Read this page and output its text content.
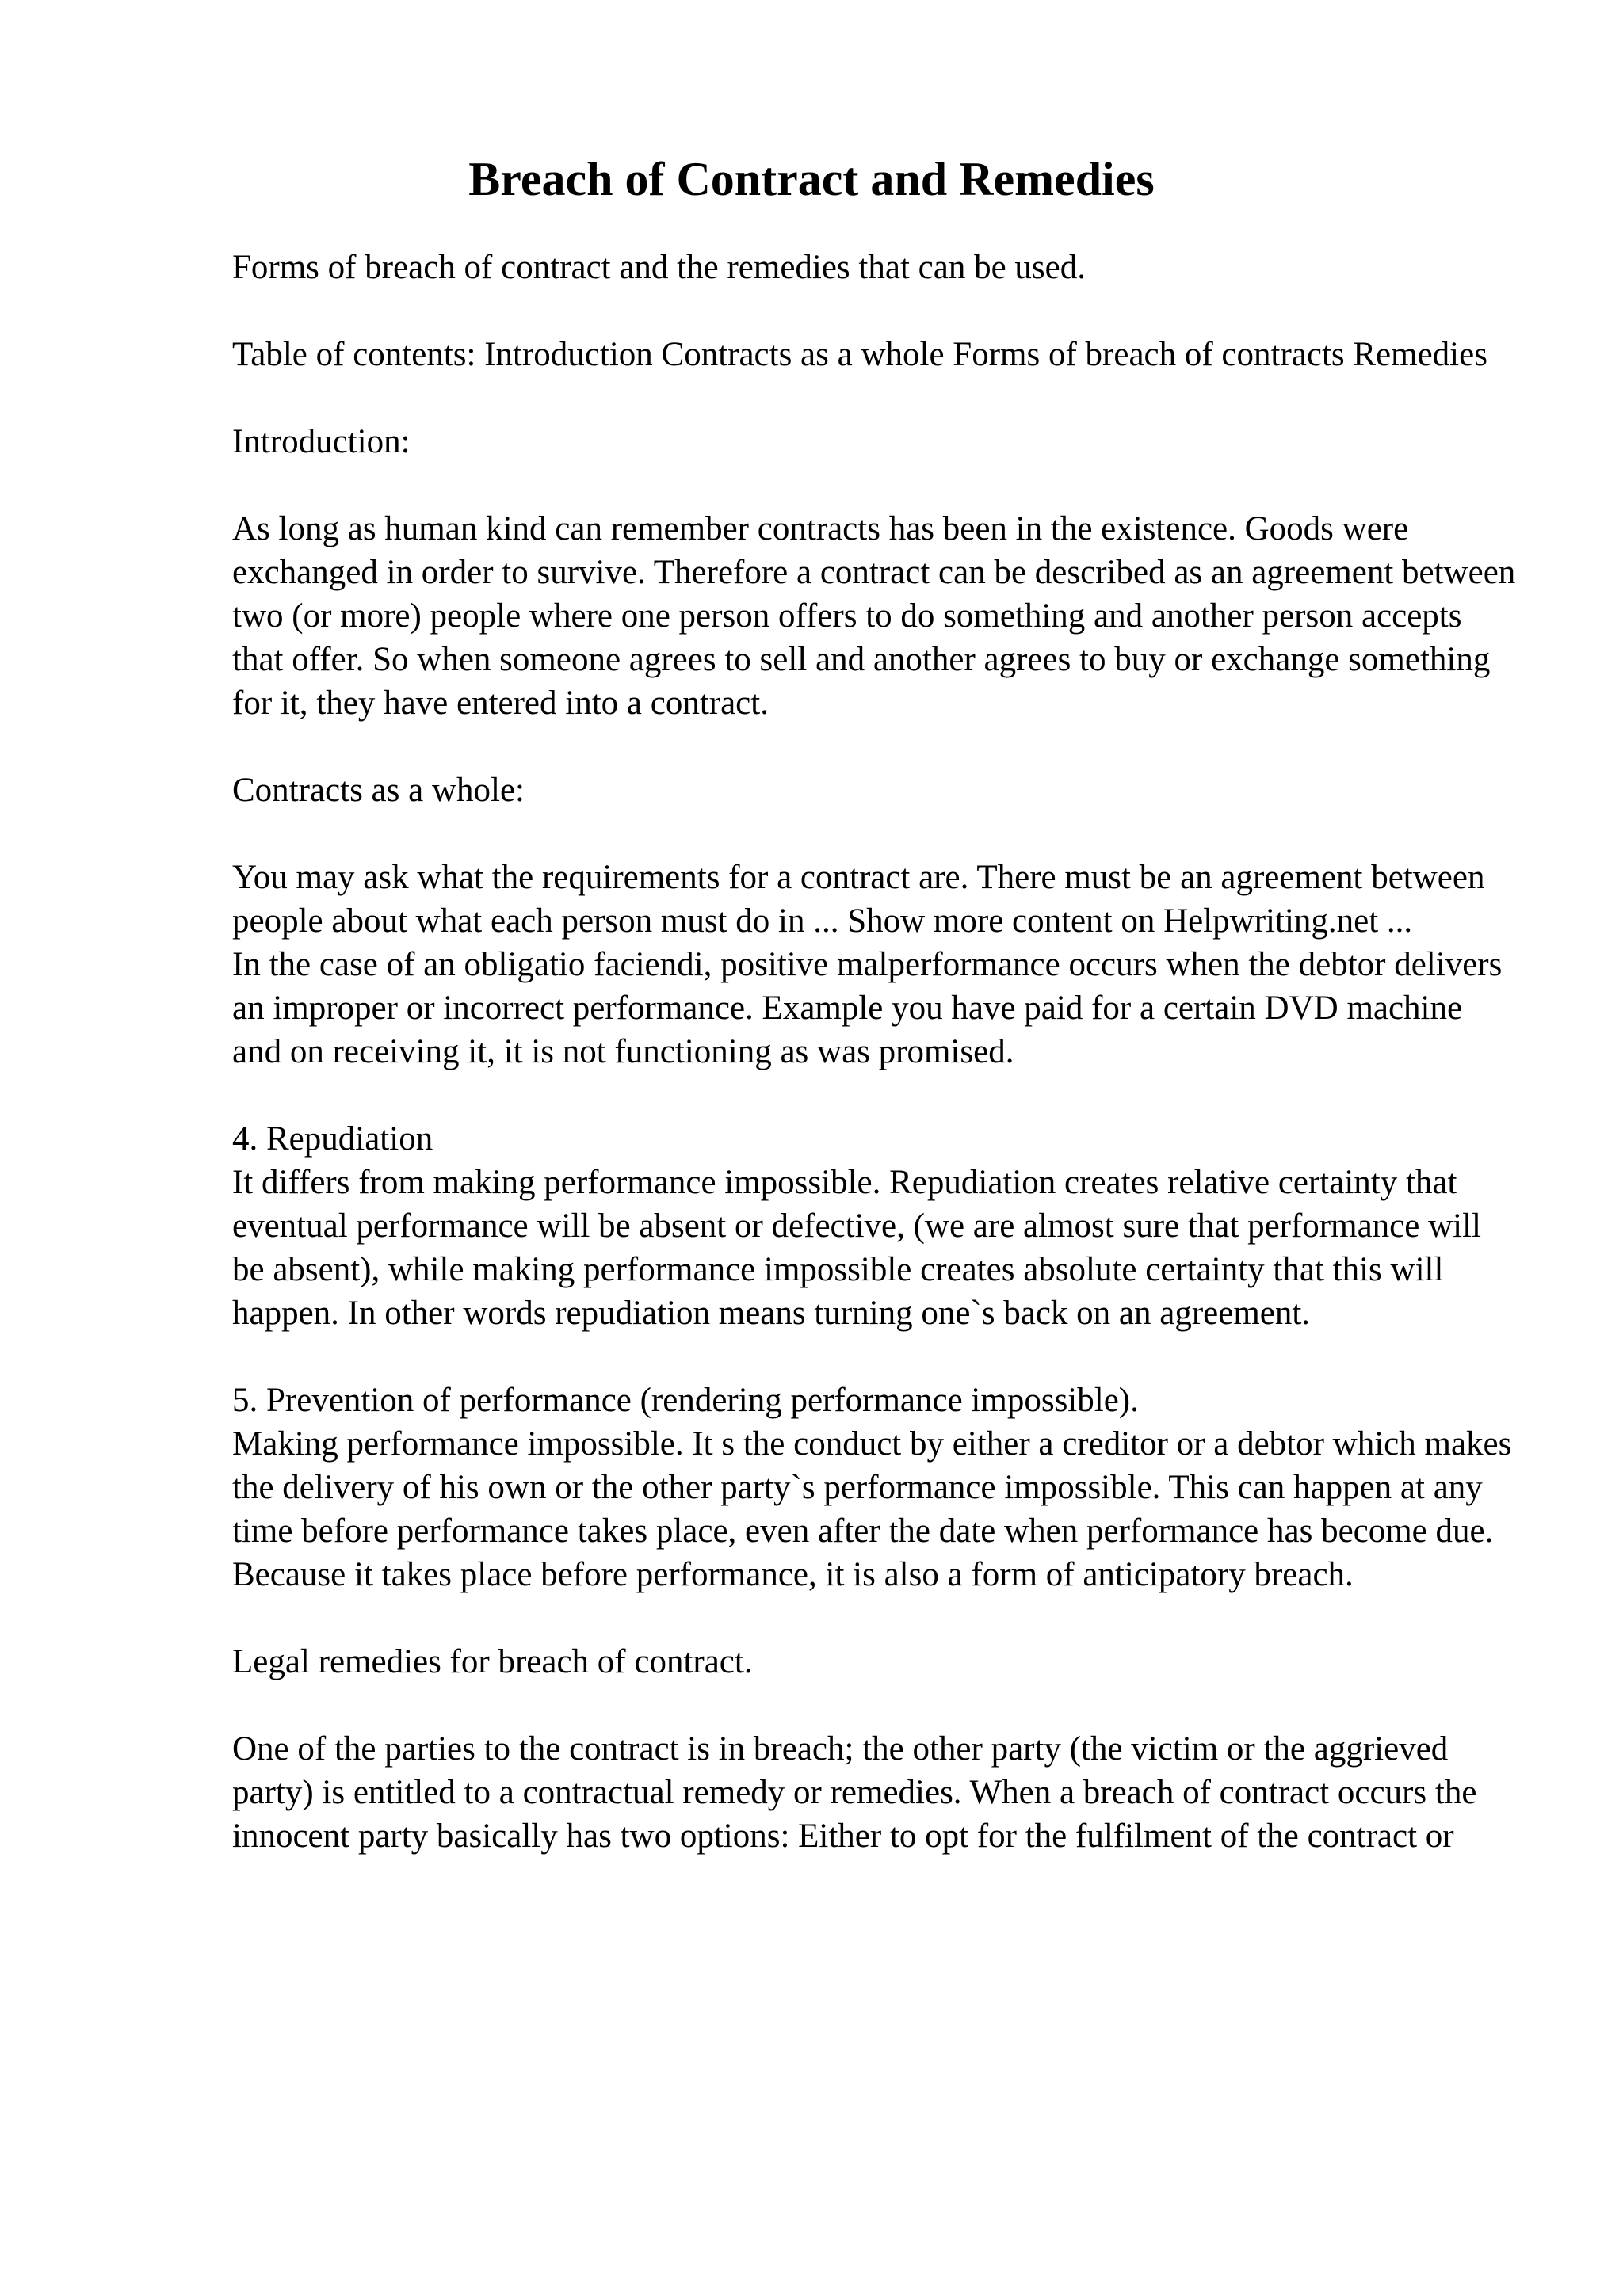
Breach of Contract and Remedies

Forms of breach of contract and the remedies that can be used.

Table of contents: Introduction Contracts as a whole Forms of breach of contracts Remedies

Introduction:

As long as human kind can remember contracts has been in the existence. Goods were exchanged in order to survive. Therefore a contract can be described as an agreement between two (or more) people where one person offers to do something and another person accepts that offer. So when someone agrees to sell and another agrees to buy or exchange something for it, they have entered into a contract.

Contracts as a whole:

You may ask what the requirements for a contract are. There must be an agreement between people about what each person must do in ... Show more content on Helpwriting.net ...

In the case of an obligatio faciendi, positive malperformance occurs when the debtor delivers an improper or incorrect performance. Example you have paid for a certain DVD machine and on receiving it, it is not functioning as was promised.

4. Repudiation

It differs from making performance impossible. Repudiation creates relative certainty that eventual performance will be absent or defective, (we are almost sure that performance will be absent), while making performance impossible creates absolute certainty that this will happen. In other words repudiation means turning one`s back on an agreement.

5. Prevention of performance (rendering performance impossible).

Making performance impossible. It s the conduct by either a creditor or a debtor which makes the delivery of his own or the other party`s performance impossible. This can happen at any time before performance takes place, even after the date when performance has become due. Because it takes place before performance, it is also a form of anticipatory breach.

Legal remedies for breach of contract.

One of the parties to the contract is in breach; the other party (the victim or the aggrieved party) is entitled to a contractual remedy or remedies. When a breach of contract occurs the innocent party basically has two options: Either to opt for the fulfilment of the contract or
